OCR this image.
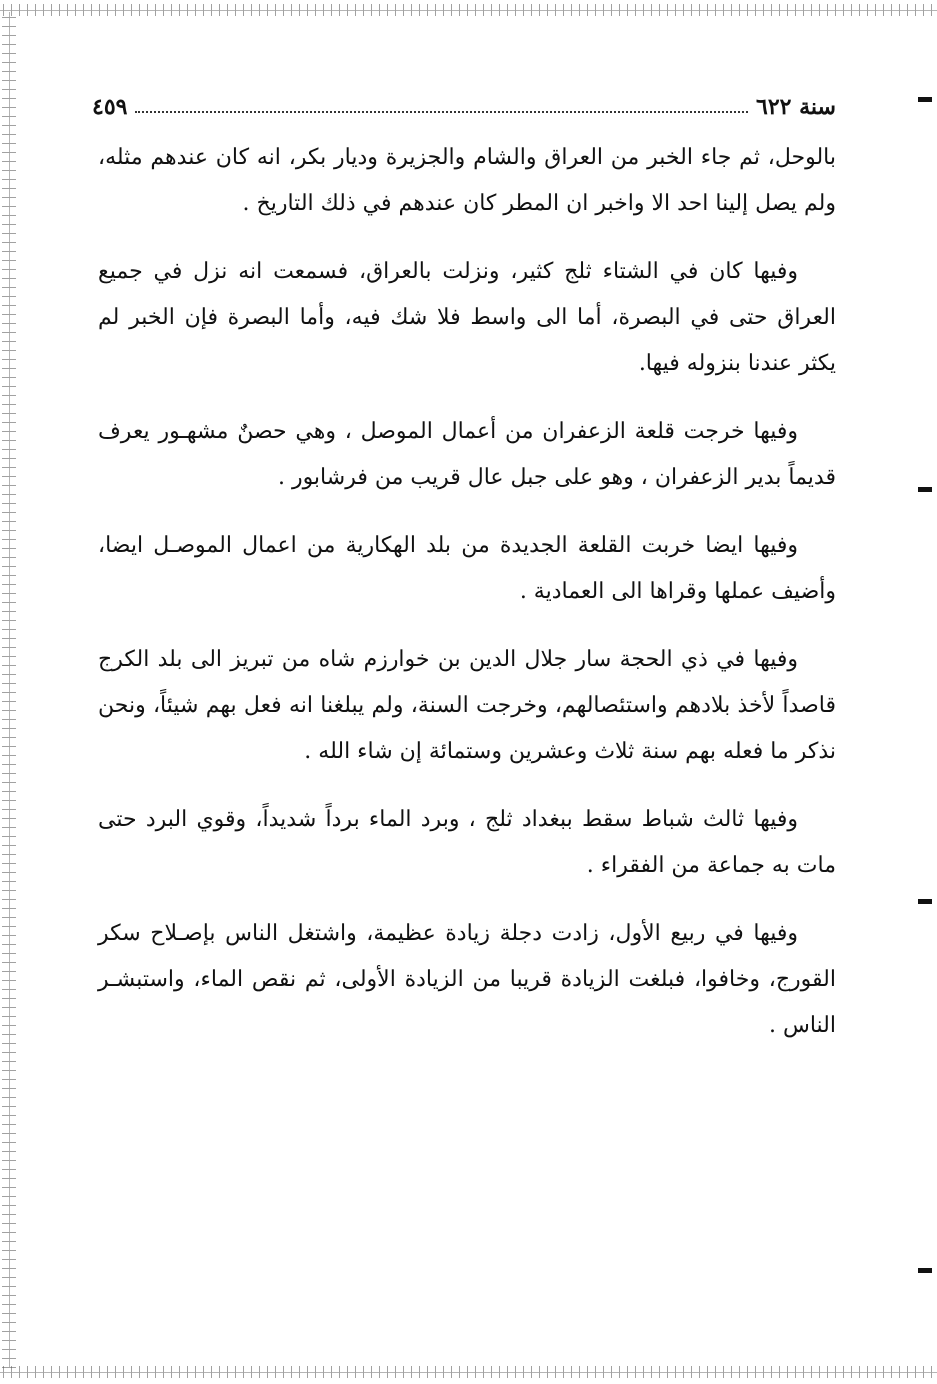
سنة ٦٢٢
٤٥٩

بالوحل، ثم جاء الخبر من العراق والشام والجزيرة وديار بكر، انه كان عندهم مثله، ولم يصل إلينا احد الا واخبر ان المطر كان عندهم في ذلك التاريخ .

وفيها كان في الشتاء ثلج كثير، ونزلت بالعراق، فسمعت انه نزل في جميع العراق حتى في البصرة، أما الى واسط فلا شك فيه، وأما البصرة فإن الخبر لم يكثر عندنا بنزوله فيها.

وفيها خرجت قلعة الزعفران من أعمال الموصل ، وهي حصنٌ مشهـور يعرف قديماً بدير الزعفران ، وهو على جبل عال قريب من فرشابور .

وفيها ايضا خربت القلعة الجديدة من بلد الهكارية من اعمال الموصـل ايضا، وأضيف عملها وقراها الى العمادية .

وفيها في ذي الحجة سار جلال الدين بن خوارزم شاه من تبريز الى بلد الكرج قاصداً لأخذ بلادهم واستئصالهم، وخرجت السنة، ولم يبلغنا انه فعل بهم شيئاً، ونحن نذكر ما فعله بهم سنة ثلاث وعشرين وستمائة إن شاء الله .

وفيها ثالث شباط سقط ببغداد ثلج ، وبرد الماء برداً شديداً، وقوي البرد حتى مات به جماعة من الفقراء .

وفيها في ربيع الأول، زادت دجلة زيادة عظيمة، واشتغل الناس بإصـلاح سكر القورج، وخافوا، فبلغت الزيادة قريبا من الزيادة الأولى، ثم نقص الماء، واستبشـر الناس .
